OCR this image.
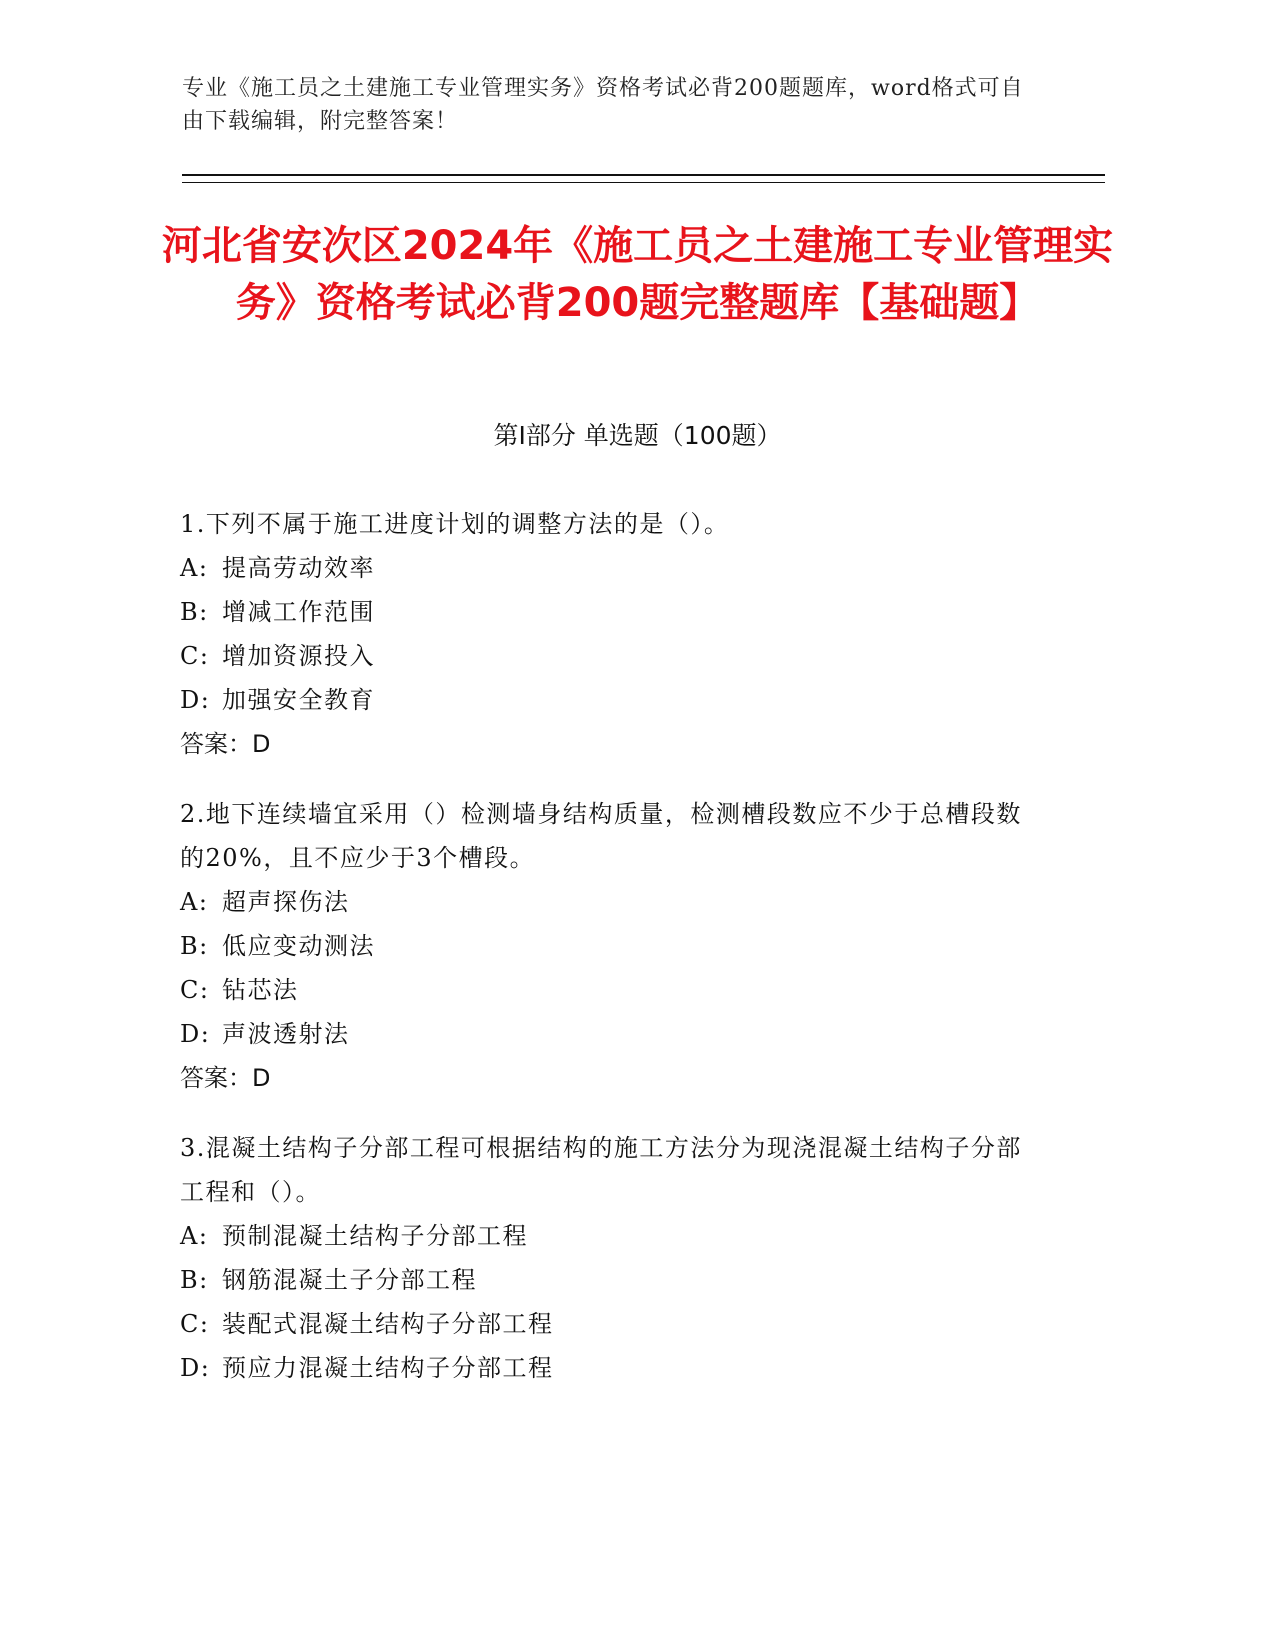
专业《施工员之土建施工专业管理实务》资格考试必背200题题库，word格式可自由下载编辑，附完整答案！
河北省安次区2024年《施工员之土建施工专业管理实务》资格考试必背200题完整题库【基础题】
第I部分 单选题（100题）
1.下列不属于施工进度计划的调整方法的是（）。
A: 提高劳动效率
B: 增减工作范围
C: 增加资源投入
D: 加强安全教育
答案：D
2.地下连续墙宜采用（）检测墙身结构质量，检测槽段数应不少于总槽段数的20%，且不应少于3个槽段。
A: 超声探伤法
B: 低应变动测法
C: 钻芯法
D: 声波透射法
答案：D
3.混凝土结构子分部工程可根据结构的施工方法分为现浇混凝土结构子分部工程和（）。
A: 预制混凝土结构子分部工程
B: 钢筋混凝土子分部工程
C: 装配式混凝土结构子分部工程
D: 预应力混凝土结构子分部工程
